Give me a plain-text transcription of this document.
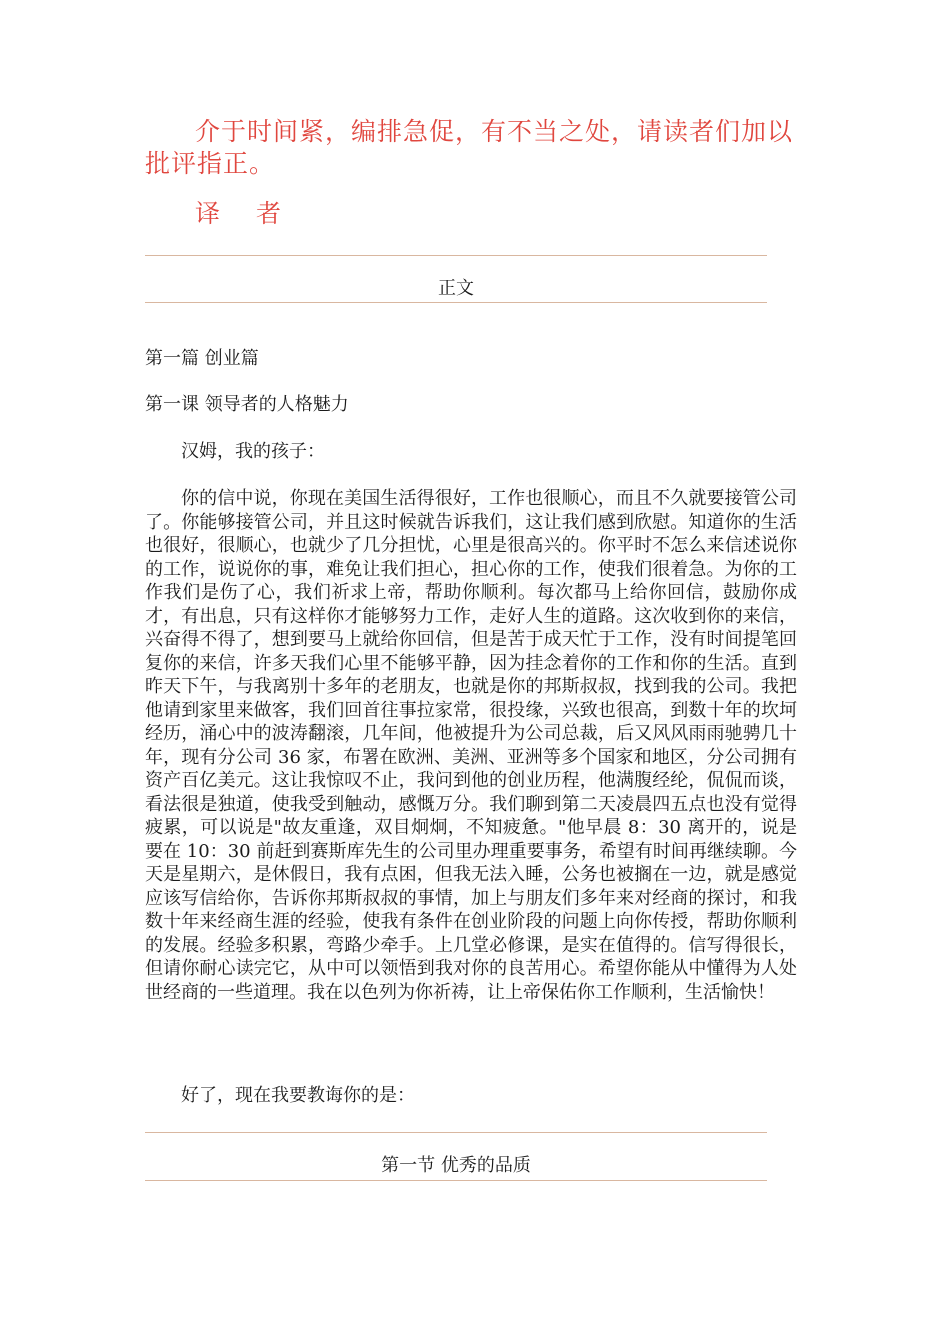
介于时间紧，编排急促，有不当之处，请读者们加以批评指正。

译 者
正文
第一篇 创业篇
第一课 领导者的人格魅力

汉姆，我的孩子：

你的信中说，你现在美国生活得很好，工作也很顺心，而且不久就要接管公司了。你能够接管公司，并且这时候就告诉我们，这让我们感到欣慰。知道你的生活也很好，很顺心，也就少了几分担忧，心里是很高兴的。你平时不怎么来信述说你的工作，说说你的事，难免让我们担心，担心你的工作，使我们很着急。为你的工作我们是伤了心，我们祈求上帝，帮助你顺利。每次都马上给你回信，鼓励你成才，有出息，只有这样你才能够努力工作，走好人生的道路。这次收到你的来信，兴奋得不得了，想到要马上就给你回信，但是苦于成天忙于工作，没有时间提笔回复你的来信，许多天我们心里不能够平静，因为挂念着你的工作和你的生活。直到昨天下午，与我离别十多年的老朋友，也就是你的邦斯叔叔，找到我的公司。我把他请到家里来做客，我们回首往事拉家常，很投缘，兴致也很高，到数十年的坎坷经历，涌心中的波涛翻滚，几年间，他被提升为公司总裁，后又风风雨雨驰骋几十年，现有分公司 36 家，布署在欧洲、美洲、亚洲等多个国家和地区，分公司拥有资产百亿美元。这让我惊叹不止，我问到他的创业历程，他满腹经纶，侃侃而谈，看法很是独道，使我受到触动，感慨万分。我们聊到第二天凌晨四五点也没有觉得疲累，可以说是"故友重逢，双目炯炯，不知疲惫。"他早晨 8：30 离开的，说是要在 10：30 前赶到赛斯库先生的公司里办理重要事务，希望有时间再继续聊。今天是星期六，是休假日，我有点困，但我无法入睡，公务也被搁在一边，就是感觉应该写信给你，告诉你邦斯叔叔的事情，加上与朋友们多年来对经商的探讨，和我数十年来经商生涯的经验，使我有条件在创业阶段的问题上向你传授，帮助你顺利的发展。经验多积累，弯路少牵手。上几堂必修课，是实在值得的。信写得很长，但请你耐心读完它，从中可以领悟到我对你的良苦用心。希望你能从中懂得为人处世经商的一些道理。我在以色列为你祈祷，让上帝保佑你工作顺利，生活愉快！

好了，现在我要教诲你的是：

第一节 优秀的品质
